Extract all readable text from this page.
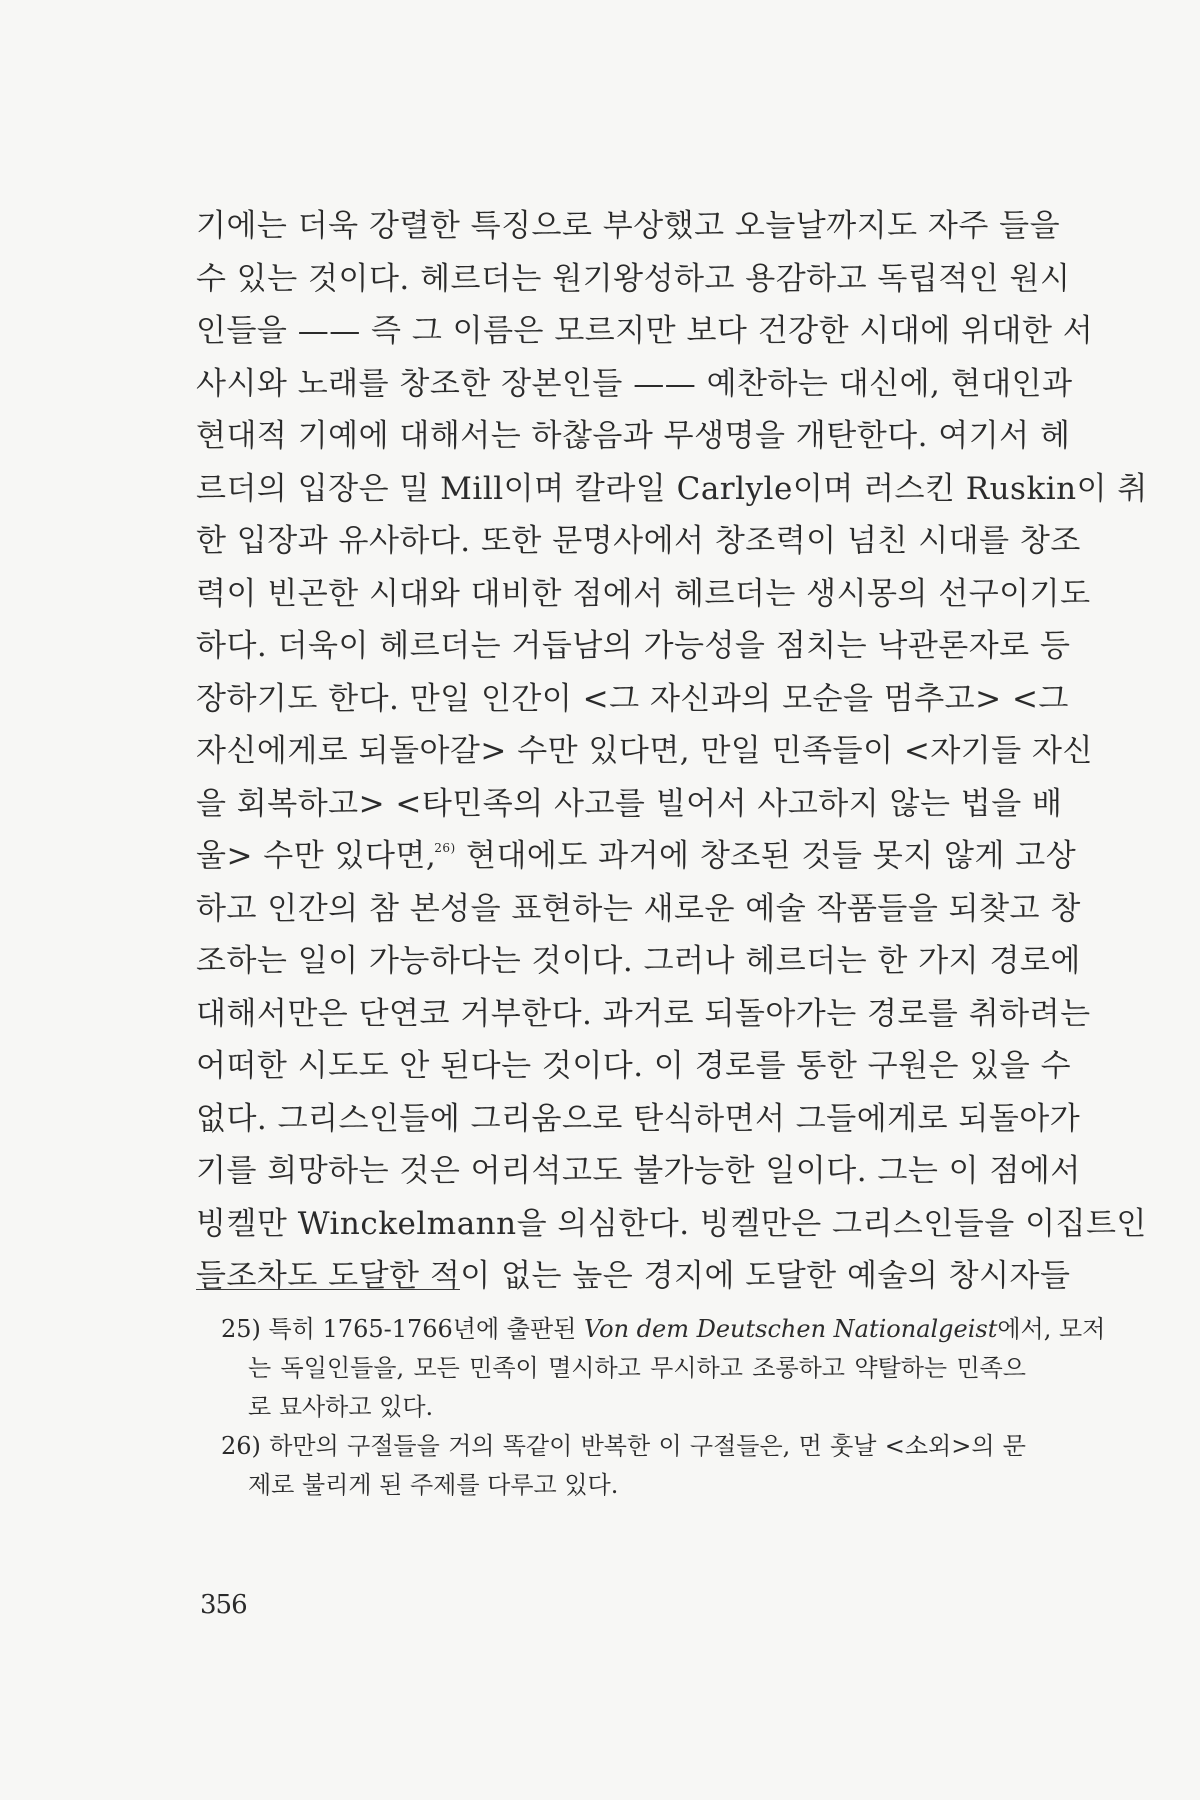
기에는 더욱 강렬한 특징으로 부상했고 오늘날까지도 자주 들을
수 있는 것이다. 헤르더는 원기왕성하고 용감하고 독립적인 원시
인들을 —— 즉 그 이름은 모르지만 보다 건강한 시대에 위대한 서
사시와 노래를 창조한 장본인들 —— 예찬하는 대신에, 현대인과
현대적 기예에 대해서는 하찮음과 무생명을 개탄한다. 여기서 헤
르더의 입장은 밀 Mill이며 칼라일 Carlyle이며 러스킨 Ruskin이 취
한 입장과 유사하다. 또한 문명사에서 창조력이 넘친 시대를 창조
력이 빈곤한 시대와 대비한 점에서 헤르더는 생시몽의 선구이기도
하다. 더욱이 헤르더는 거듭남의 가능성을 점치는 낙관론자로 등
장하기도 한다. 만일 인간이 <그 자신과의 모순을 멈추고> <그
자신에게로 되돌아갈> 수만 있다면, 만일 민족들이 <자기들 자신
을 회복하고> <타민족의 사고를 빌어서 사고하지 않는 법을 배
울> 수만 있다면,$^{26)}$ 현대에도 과거에 창조된 것들 못지 않게 고상
하고 인간의 참 본성을 표현하는 새로운 예술 작품들을 되찾고 창
조하는 일이 가능하다는 것이다. 그러나 헤르더는 한 가지 경로에
대해서만은 단연코 거부한다. 과거로 되돌아가는 경로를 취하려는
어떠한 시도도 안 된다는 것이다. 이 경로를 통한 구원은 있을 수
없다. 그리스인들에 그리움으로 탄식하면서 그들에게로 되돌아가
기를 희망하는 것은 어리석고도 불가능한 일이다. 그는 이 점에서
빙켈만 Winckelmann을 의심한다. 빙켈만은 그리스인들을 이집트인
들조차도 도달한 적이 없는 높은 경지에 도달한 예술의 창시자들
25) 특히 1765-1766년에 출판된 Von dem Deutschen Nationalgeist에서, 모저
는 독일인들을, 모든 민족이 멸시하고 무시하고 조롱하고 약탈하는 민족으
로 묘사하고 있다.
26) 하만의 구절들을 거의 똑같이 반복한 이 구절들은, 먼 훗날 <소외>의 문
제로 불리게 된 주제를 다루고 있다.
356
